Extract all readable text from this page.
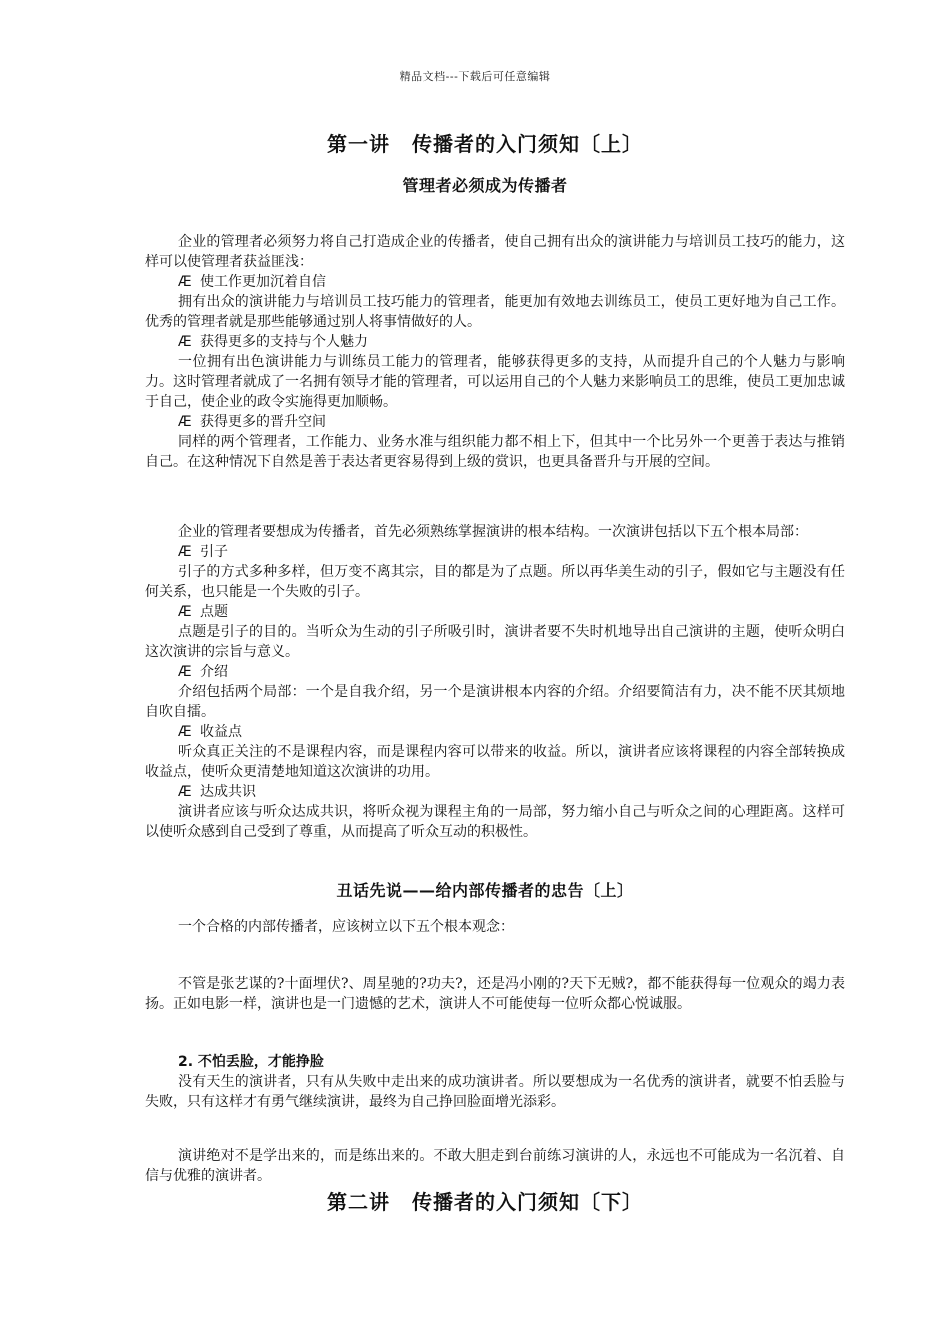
精品文档---下载后可任意编辑
第一讲 传播者的入门须知〔上〕
管理者必须成为传播者

企业的管理者必须努力将自己打造成企业的传播者，使自己拥有出众的演讲能力与培训员工技巧的能力，这样可以使管理者获益匪浅：

Æ 使工作更加沉着自信

拥有出众的演讲能力与培训员工技巧能力的管理者，能更加有效地去训练员工，使员工更好地为自己工作。优秀的管理者就是那些能够通过别人将事情做好的人。

Æ 获得更多的支持与个人魅力

一位拥有出色演讲能力与训练员工能力的管理者，能够获得更多的支持，从而提升自己的个人魅力与影响力。这时管理者就成了一名拥有领导才能的管理者，可以运用自己的个人魅力来影响员工的思维，使员工更加忠诚于自己，使企业的政令实施得更加顺畅。

Æ 获得更多的晋升空间

同样的两个管理者，工作能力、业务水准与组织能力都不相上下，但其中一个比另外一个更善于表达与推销自己。在这种情况下自然是善于表达者更容易得到上级的赏识，也更具备晋升与开展的空间。

企业的管理者要想成为传播者，首先必须熟练掌握演讲的根本结构。一次演讲包括以下五个根本局部：

Æ 引子

引子的方式多种多样，但万变不离其宗，目的都是为了点题。所以再华美生动的引子，假如它与主题没有任何关系，也只能是一个失败的引子。

Æ 点题

点题是引子的目的。当听众为生动的引子所吸引时，演讲者要不失时机地导出自己演讲的主题，使听众明白这次演讲的宗旨与意义。

Æ 介绍

介绍包括两个局部：一个是自我介绍，另一个是演讲根本内容的介绍。介绍要简洁有力，决不能不厌其烦地自吹自擂。

Æ 收益点

听众真正关注的不是课程内容，而是课程内容可以带来的收益。所以，演讲者应该将课程的内容全部转换成收益点，使听众更清楚地知道这次演讲的功用。

Æ 达成共识

演讲者应该与听众达成共识，将听众视为课程主角的一局部，努力缩小自己与听众之间的心理距离。这样可以使听众感到自己受到了尊重，从而提高了听众互动的积极性。

丑话先说——给内部传播者的忠告〔上〕

一个合格的内部传播者，应该树立以下五个根本观念：

不管是张艺谋的?十面埋伏?、周星驰的?功夫?，还是冯小刚的?天下无贼?，都不能获得每一位观众的竭力表扬。正如电影一样，演讲也是一门遗憾的艺术，演讲人不可能使每一位听众都心悦诚服。

2. 不怕丢脸，才能挣脸

没有天生的演讲者，只有从失败中走出来的成功演讲者。所以要想成为一名优秀的演讲者，就要不怕丢脸与失败，只有这样才有勇气继续演讲，最终为自己挣回脸面增光添彩。

演讲绝对不是学出来的，而是练出来的。不敢大胆走到台前练习演讲的人，永远也不可能成为一名沉着、自信与优雅的演讲者。

第二讲 传播者的入门须知〔下〕
